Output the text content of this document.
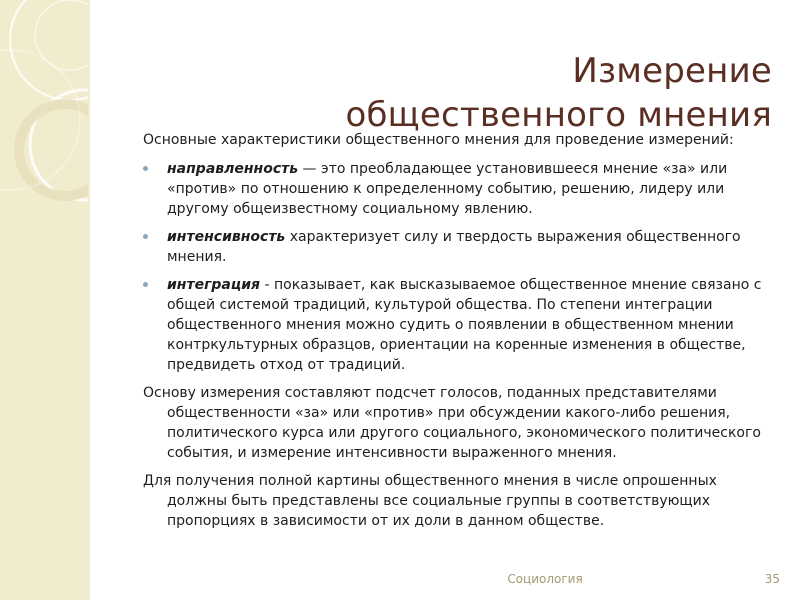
Измерение
общественного мнения

Основные характеристики общественного мнения для проведение измерений:

направленность — это преобладающее установившееся мнение «за» или «против» по отношению к определенному событию, решению, лидеру или другому общеизвестному социальному явлению.
интенсивность характеризует силу и твердость выражения общественного мнения.
интеграция - показывает, как высказываемое общественное мнение связано с общей системой традиций, культурой общества. По степени интеграции общественного мнения можно судить о появлении в общественном мнении контркультурных образцов, ориентации на коренные изменения в обществе, предвидеть отход от традиций.

Основу измерения составляют подсчет голосов, поданных представителями общественности «за» или «против» при обсуждении какого-либо решения, политического курса или другого социального, экономического политического события, и измерение интенсивности выраженного мнения.

Для получения полной картины общественного мнения в числе опрошенных должны быть представлены все социальные группы в соответствующих пропорциях в зависимости от их доли в данном обществе.

Социология	35
